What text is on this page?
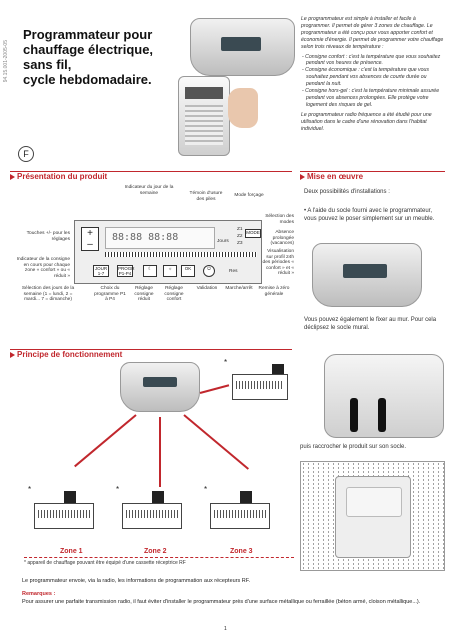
94.15.001-2005-05
Programmateur pour
chauffage électrique,
sans fil,
cycle hebdomadaire.
F

Le programmateur est simple à installer et facile à programmer. Il permet de gérer 3 zones de chauffage. Le programmateur a été conçu pour vous apporter confort et économie d'énergie. Il permet de programmer votre chauffage selon trois niveaux de température :

- Consigne confort : c'est la température que vous souhaitez pendant vos heures de présence.
- Consigne économique : c'est la température que vous souhaitez pendant vos absences de courte durée ou pendant la nuit.
- Consigne hors-gel : c'est la température minimale assurée pendant vos absences prolongées. Elle protège votre logement des risques de gel.

Le programmateur radio fréquence a été étudié pour une utilisation dans le cadre d'une rénovation dans l'habitat individuel.

Présentation du produit	Mise en œuvre
Principe de fonctionnement
Indicateur du jour de la semaine	Témoin d'usure des piles
Mode forçage
Touches +/- pour les réglages
Indicateur de la consigne en cours pour chaque zone « confort » ou « réduit »
Sélection des modes
Absence prolongée (vacances)
Visualisation sur profil 24h des périodes « confort » et « réduit »
+
–
88:88 88:88	Jours
Z1
Z2
Z3
MODE
JOUR 1-7
PROGR P1-P4
☾	☼	OK	⏻
Res
Sélection des jours de la semaine (1 = lundi, 2 = mardi... 7 = dimanche)
Choix du programme P1 à P4
Réglage consigne réduit
Réglage consigne confort
Validation	Marche/arrêt	Remise à zéro générale
Deux possibilités d'installations :
• A l'aide du socle fourni avec le programmateur, vous pouvez le poser simplement sur un meuble.
Vous pouvez également le fixer au mur. Pour cela déclipsez le socle mural.
puis raccrocher le produit sur son socle.
*
*	*	*
Zone 1	Zone 2	Zone 3
* appareil de chauffage pouvant être équipé d'une cassette réceptrice RF
Le programmateur envoie, via la radio, les informations de programmation aux récepteurs RF.
Remarques :
Pour assurer une parfaite transmission radio, il faut éviter d'installer le programmateur près d'une surface métallique ou ferraillée (béton armé, cloison métallique...).
1
